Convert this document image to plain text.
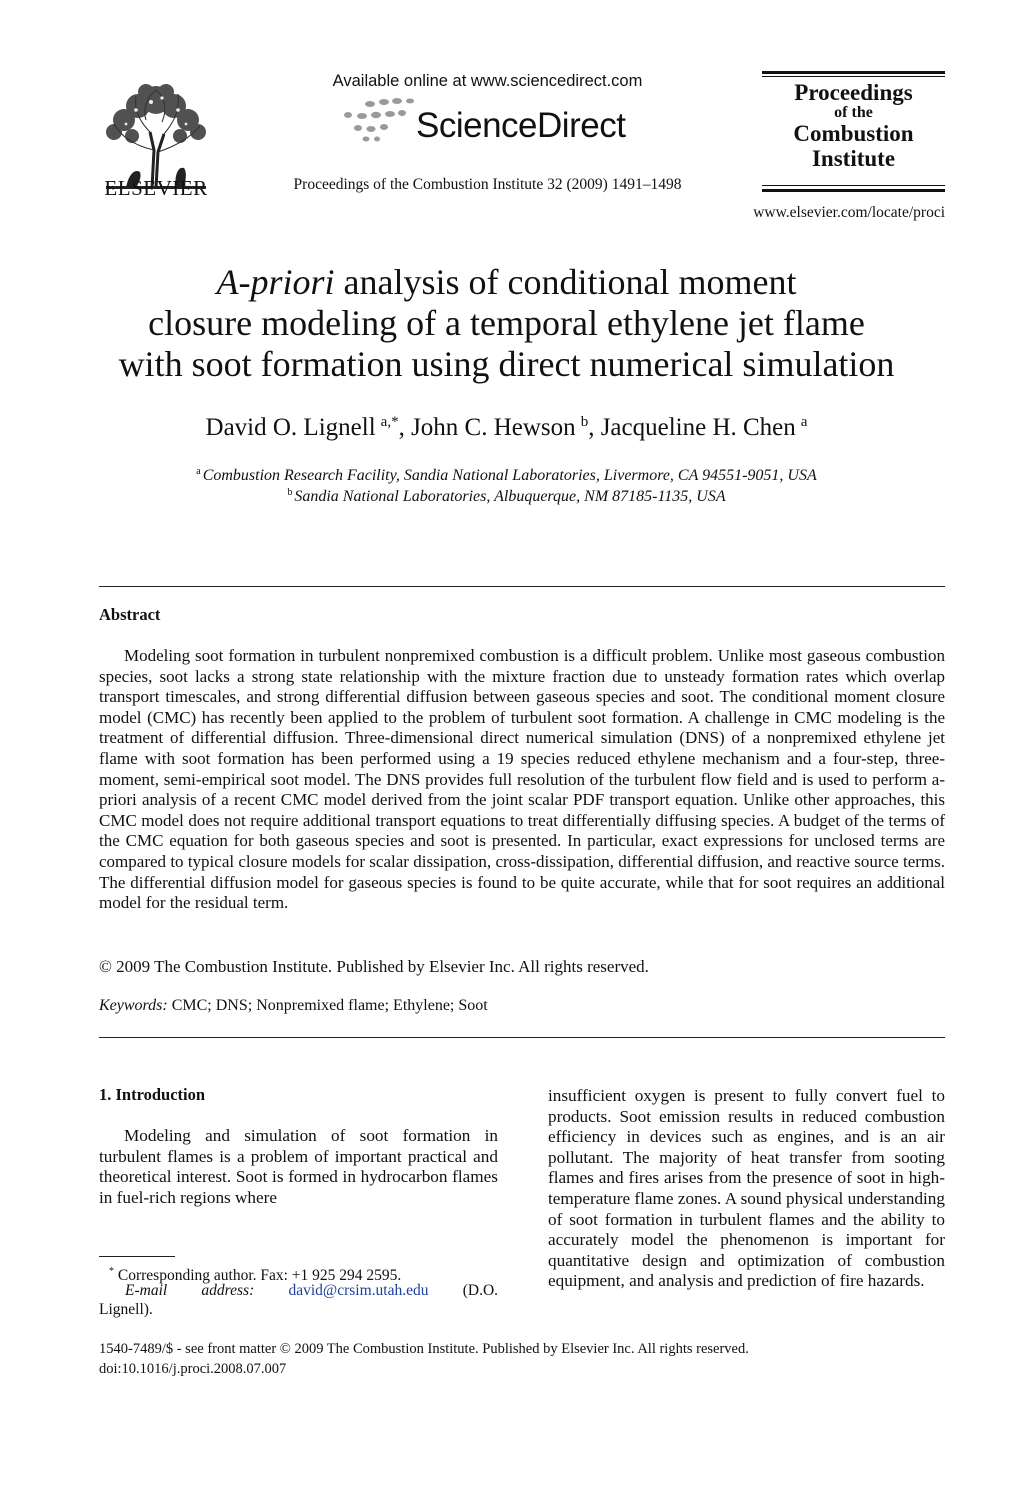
ELSEVIER
Available online at www.sciencedirect.com
ScienceDirect
Proceedings of the Combustion Institute 32 (2009) 1491–1498
Proceedings
of the
Combustion
Institute
www.elsevier.com/locate/proci
A-priori analysis of conditional moment
closure modeling of a temporal ethylene jet flame
with soot formation using direct numerical simulation
David O. Lignell  $^{a,*}$, John C. Hewson  $^b$, Jacqueline H. Chen  $^a$
$^a$ Combustion Research Facility, Sandia National Laboratories, Livermore, CA 94551-9051, USA
$^b$ Sandia National Laboratories, Albuquerque, NM 87185-1135, USA
Abstract

Modeling soot formation in turbulent nonpremixed combustion is a difficult problem. Unlike most gaseous combustion species, soot lacks a strong state relationship with the mixture fraction due to unsteady formation rates which overlap transport timescales, and strong differential diffusion between gaseous species and soot. The conditional moment closure model (CMC) has recently been applied to the problem of turbulent soot formation. A challenge in CMC modeling is the treatment of differential diffusion. Three-dimensional direct numerical simulation (DNS) of a nonpremixed ethylene jet flame with soot formation has been performed using a 19 species reduced ethylene mechanism and a four-step, three-moment, semi-empirical soot model. The DNS provides full resolution of the turbulent flow field and is used to perform a-priori analysis of a recent CMC model derived from the joint scalar PDF transport equation. Unlike other approaches, this CMC model does not require additional transport equations to treat differentially diffusing species. A budget of the terms of the CMC equation for both gaseous species and soot is presented. In particular, exact expressions for unclosed terms are compared to typical closure models for scalar dissipation, cross-dissipation, differential diffusion, and reactive source terms. The differential diffusion model for gaseous species is found to be quite accurate, while that for soot requires an additional model for the residual term.

© 2009 The Combustion Institute. Published by Elsevier Inc. All rights reserved.
Keywords: CMC; DNS; Nonpremixed flame; Ethylene; Soot
1. Introduction

Modeling and simulation of soot formation in turbulent flames is a problem of important practical and theoretical interest. Soot is formed in hydrocarbon flames in fuel-rich regions where

insufficient oxygen is present to fully convert fuel to products. Soot emission results in reduced combustion efficiency in devices such as engines, and is an air pollutant. The majority of heat transfer from sooting flames and fires arises from the presence of soot in high-temperature flame zones. A sound physical understanding of soot formation in turbulent flames and the ability to accurately model the phenomenon is important for quantitative design and optimization of combustion equipment, and analysis and prediction of fire hazards.

* Corresponding author. Fax: +1 925 294 2595.
E-mail address: david@crsim.utah.edu (D.O.
Lignell).
1540-7489/$ - see front matter © 2009 The Combustion Institute. Published by Elsevier Inc. All rights reserved.
doi:10.1016/j.proci.2008.07.007
